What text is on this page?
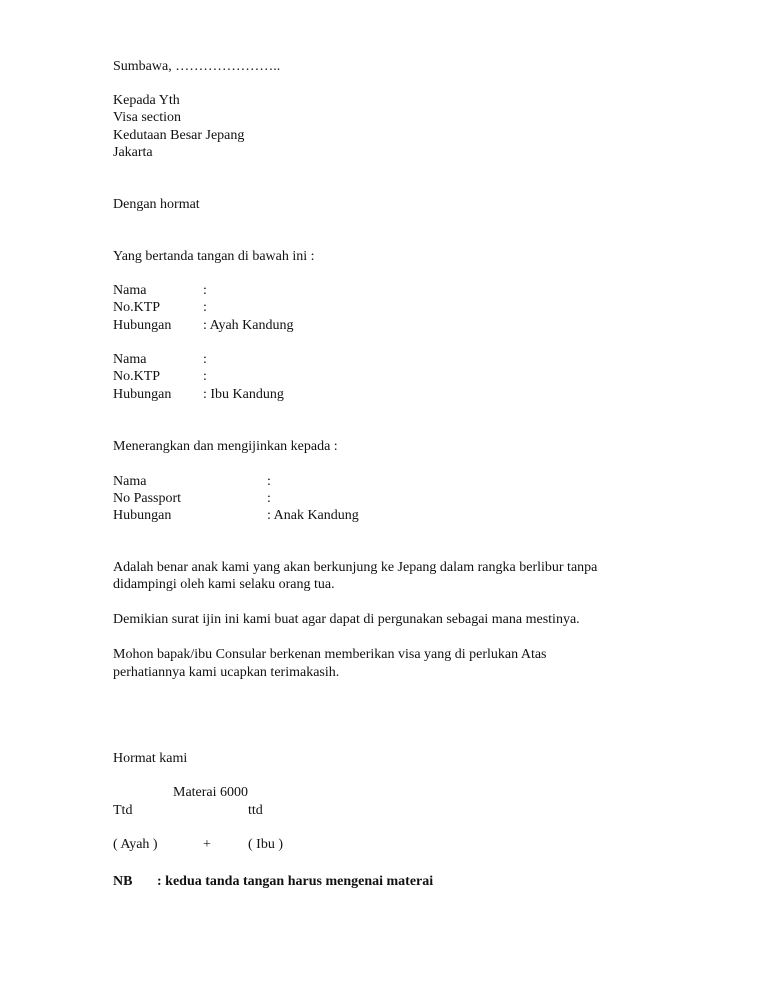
Sumbawa, …………………..
Kepada Yth
Visa section
Kedutaan Besar Jepang
Jakarta
Dengan hormat
Yang bertanda tangan di bawah ini :
Nama	:
No.KTP	:
Hubungan : Ayah Kandung
Nama	:
No.KTP	:
Hubungan : Ibu Kandung
Menerangkan dan mengijinkan kepada :
Nama	:
No Passport	:
Hubungan	: Anak Kandung
Adalah benar anak kami yang akan berkunjung ke Jepang dalam rangka berlibur tanpa
didampingi oleh kami selaku orang tua.
Demikian surat ijin ini kami buat agar dapat di pergunakan sebagai mana mestinya.
Mohon bapak/ibu Consular berkenan memberikan visa yang di perlukan Atas
perhatiannya kami ucapkan terimakasih.
Hormat kami
Materai 6000
Ttd	ttd
( Ayah )	+	( Ibu )
NB : kedua tanda tangan harus mengenai materai
